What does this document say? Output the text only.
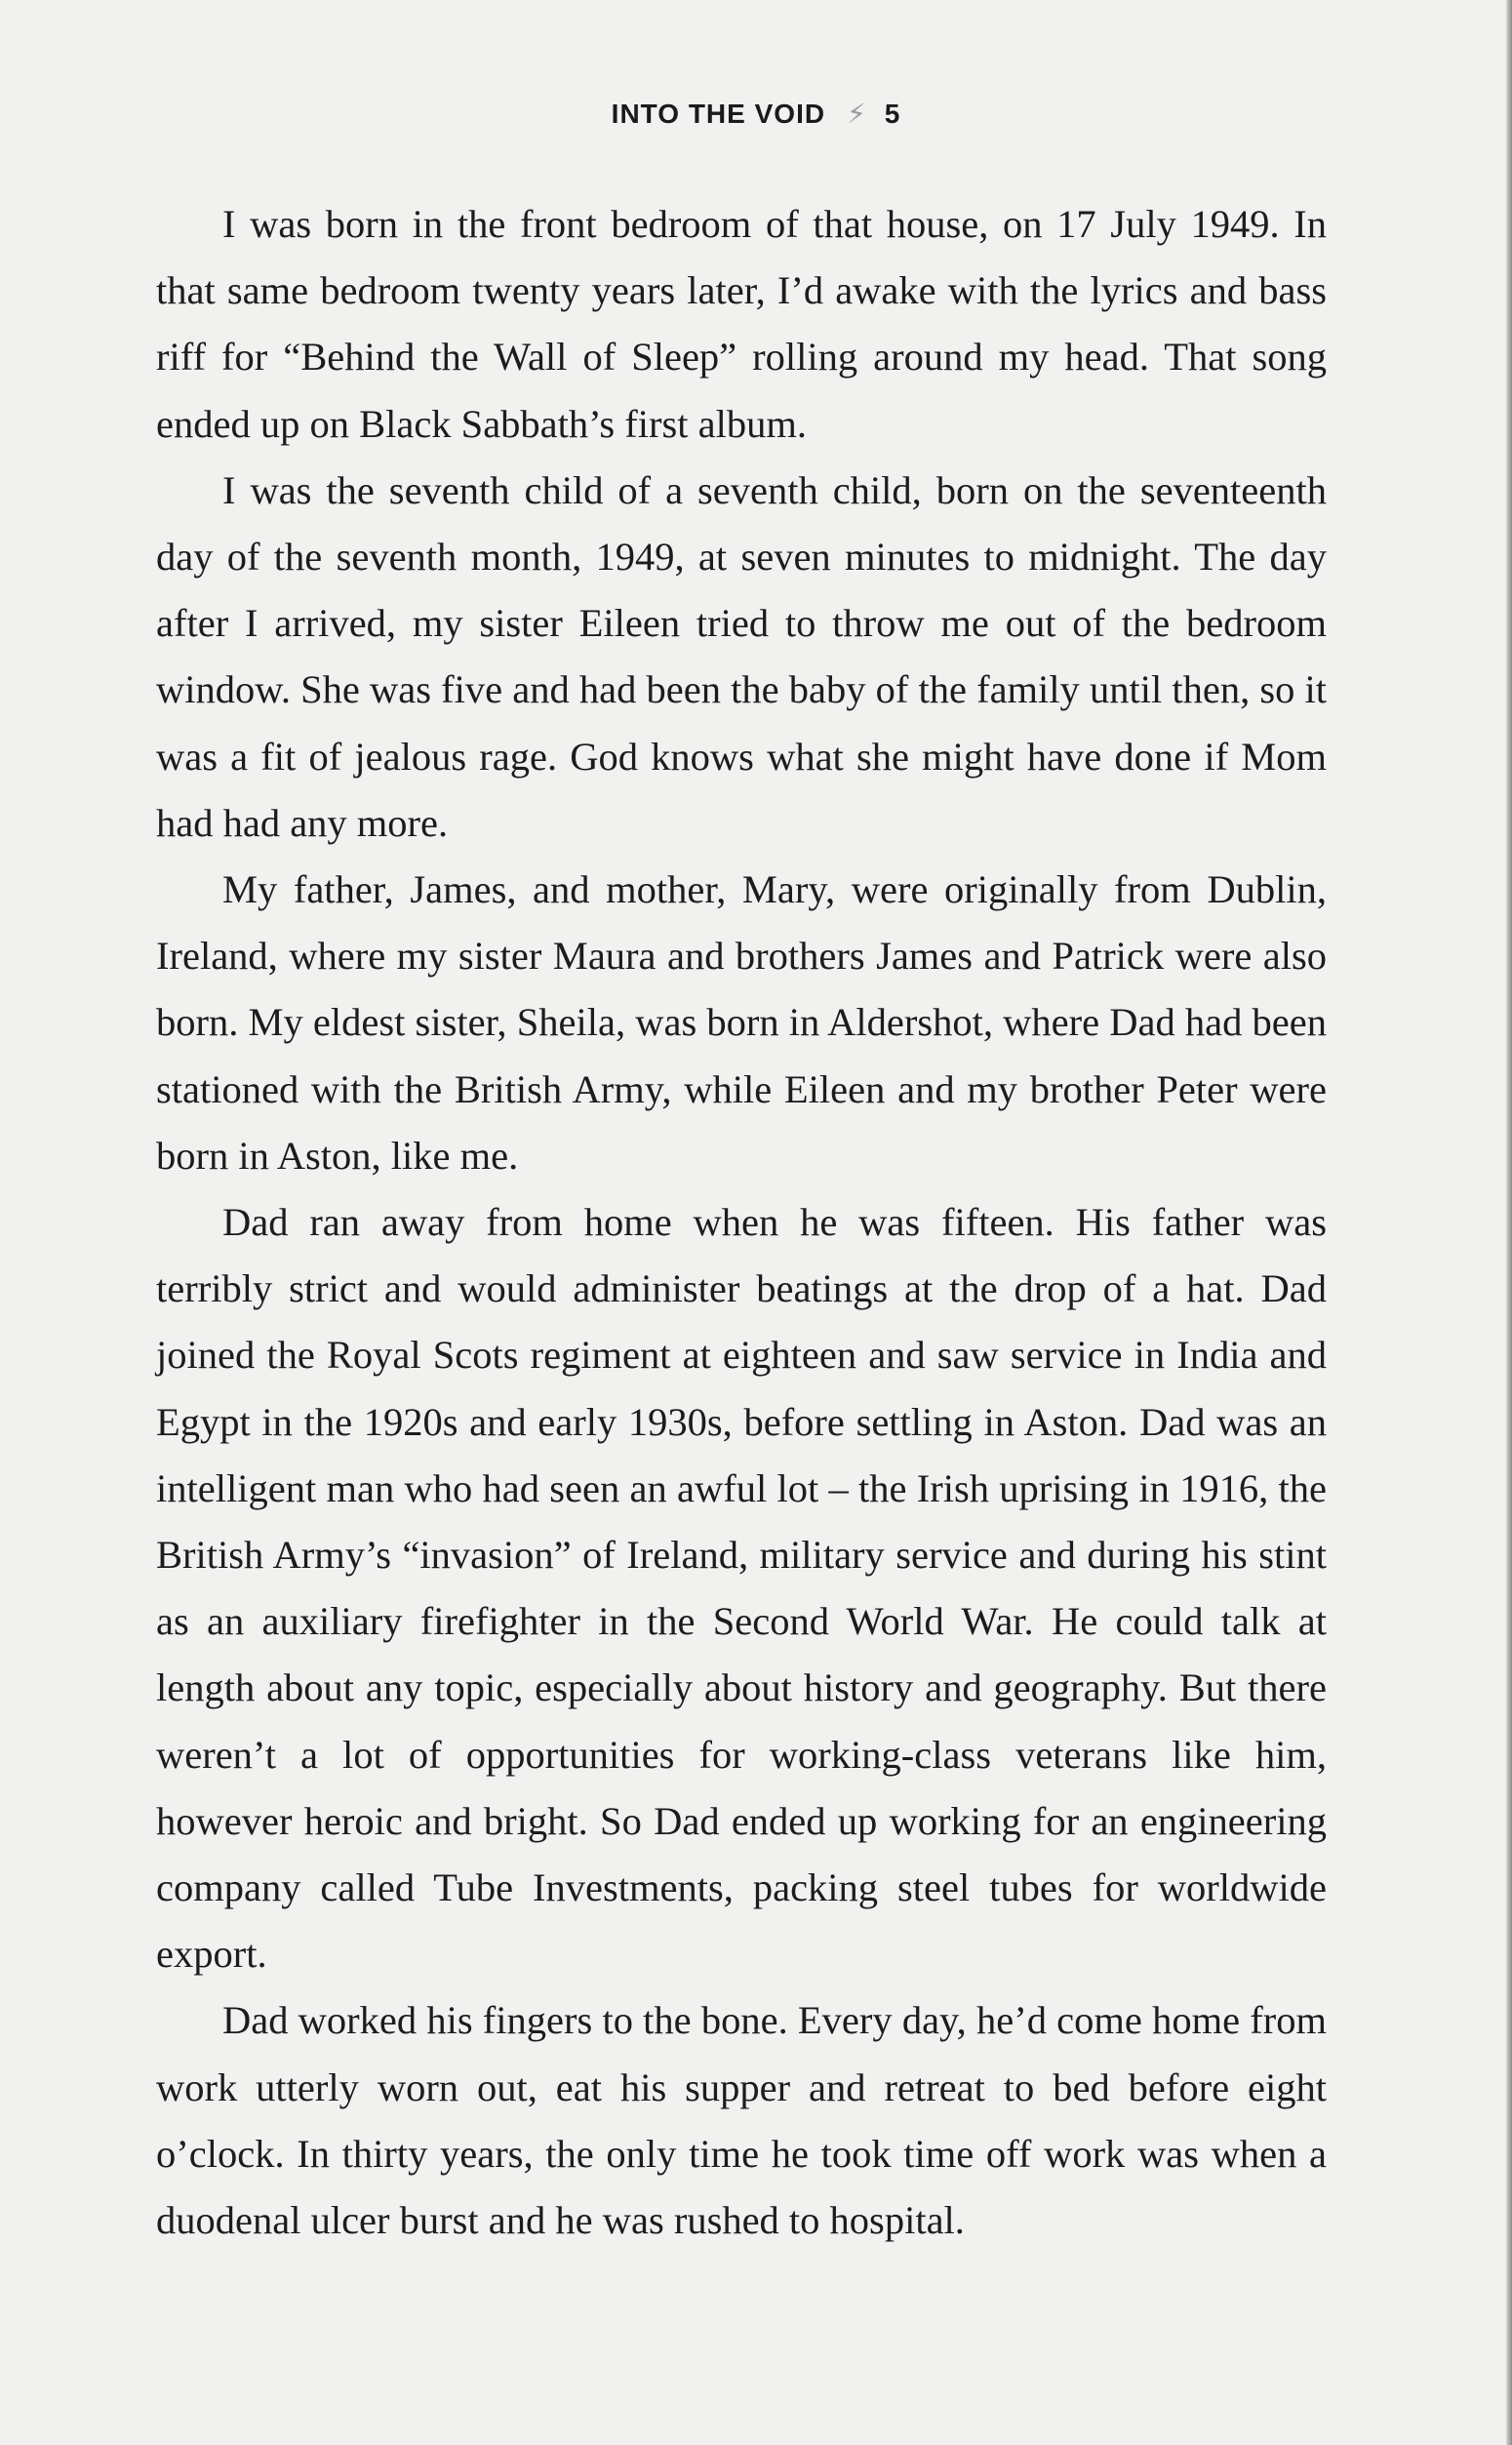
INTO THE VOID ⚡ 5

I was born in the front bedroom of that house, on 17 July 1949. In that same bedroom twenty years later, I’d awake with the lyrics and bass riff for “Behind the Wall of Sleep” rolling around my head. That song ended up on Black Sabbath’s first album.

I was the seventh child of a seventh child, born on the seventeenth day of the seventh month, 1949, at seven minutes to midnight. The day after I arrived, my sister Eileen tried to throw me out of the bedroom window. She was five and had been the baby of the family until then, so it was a fit of jealous rage. God knows what she might have done if Mom had had any more.

My father, James, and mother, Mary, were originally from Dublin, Ireland, where my sister Maura and brothers James and Patrick were also born. My eldest sister, Sheila, was born in Aldershot, where Dad had been stationed with the British Army, while Eileen and my brother Peter were born in Aston, like me.

Dad ran away from home when he was fifteen. His father was terribly strict and would administer beatings at the drop of a hat. Dad joined the Royal Scots regiment at eighteen and saw service in India and Egypt in the 1920s and early 1930s, before settling in Aston. Dad was an intelligent man who had seen an awful lot – the Irish uprising in 1916, the British Army’s “invasion” of Ireland, military service and during his stint as an auxiliary firefighter in the Second World War. He could talk at length about any topic, especially about history and geography. But there weren’t a lot of opportunities for working-class veterans like him, however heroic and bright. So Dad ended up working for an engineering company called Tube Investments, packing steel tubes for worldwide export.

Dad worked his fingers to the bone. Every day, he’d come home from work utterly worn out, eat his supper and retreat to bed before eight o’clock. In thirty years, the only time he took time off work was when a duodenal ulcer burst and he was rushed to hospital.
